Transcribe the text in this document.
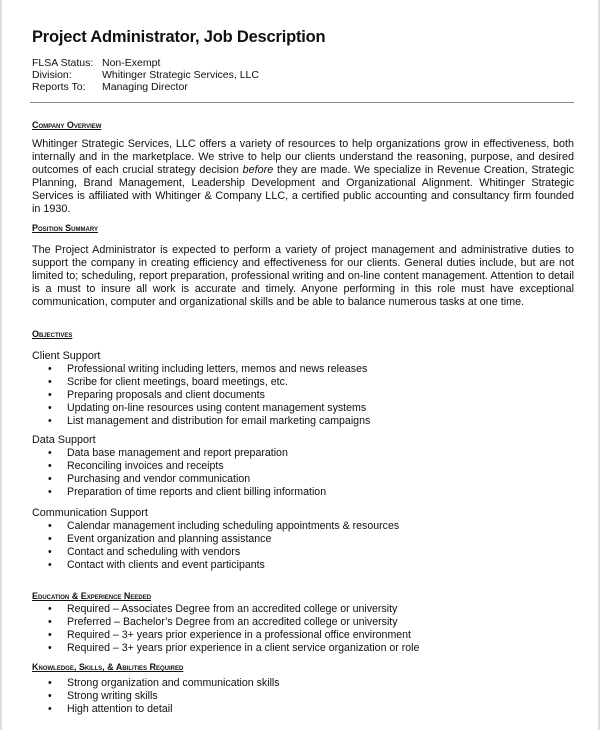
Project Administrator, Job Description
FLSA Status: Non-Exempt
Division:	Whitinger Strategic Services, LLC
Reports To:	Managing Director
Company Overview

Whitinger Strategic Services, LLC offers a variety of resources to help organizations grow in effectiveness, both internally and in the marketplace. We strive to help our clients understand the reasoning, purpose, and desired outcomes of each crucial strategy decision before they are made. We specialize in Revenue Creation, Strategic Planning, Brand Management, Leadership Development and Organizational Alignment. Whitinger Strategic Services is affiliated with Whitinger & Company LLC, a certified public accounting and consultancy firm founded in 1930.

Position Summary

The Project Administrator is expected to perform a variety of project management and administrative duties to support the company in creating efficiency and effectiveness for our clients. General duties include, but are not limited to; scheduling, report preparation, professional writing and on-line content management. Attention to detail is a must to insure all work is accurate and timely. Anyone performing in this role must have exceptional communication, computer and organizational skills and be able to balance numerous tasks at one time.

Objectives
Client Support
• Professional writing including letters, memos and news releases
• Scribe for client meetings, board meetings, etc.
• Preparing proposals and client documents
• Updating on-line resources using content management systems
• List management and distribution for email marketing campaigns
Data Support
• Data base management and report preparation
• Reconciling invoices and receipts
• Purchasing and vendor communication
• Preparation of time reports and client billing information
Communication Support
• Calendar management including scheduling appointments & resources
• Event organization and planning assistance
• Contact and scheduling with vendors
• Contact with clients and event participants
Education & Experience Needed
• Required – Associates Degree from an accredited college or university
• Preferred – Bachelor’s Degree from an accredited college or university
• Required – 3+ years prior experience in a professional office environment
• Required – 3+ years prior experience in a client service organization or role
Knowledge, Skills, & Abilities Required
• Strong organization and communication skills
• Strong writing skills
• High attention to detail
